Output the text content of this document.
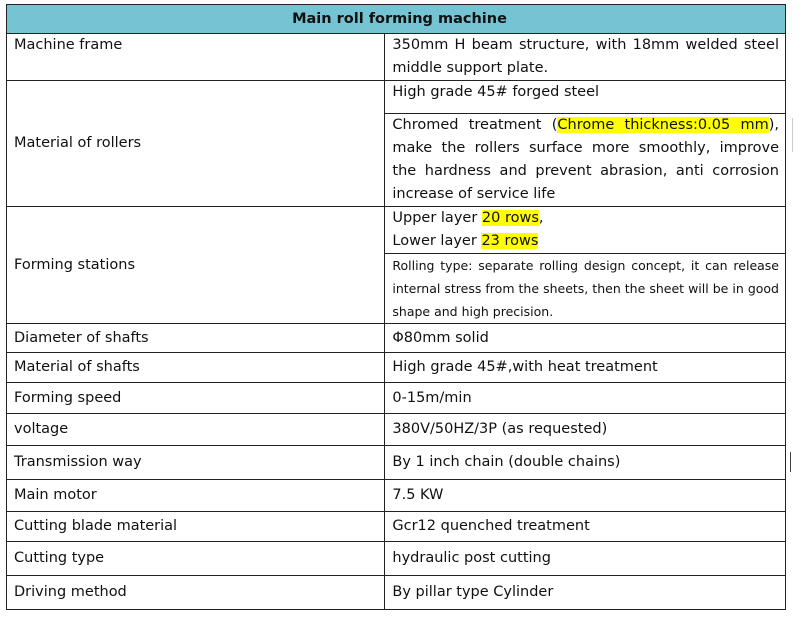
Main roll forming machine	
Machine frame	350mm H beam structure, with 18mm welded steel middle support plate.
Material of rollers	High grade 45# forged steel
	Chromed treatment (Chrome thickness:0.05 mm), make the rollers surface more smoothly, improve the hardness and prevent abrasion, anti corrosion increase of service life
Forming stations	Upper layer 20 rows,
Lower layer 23 rows

	Rolling type: separate rolling design concept, it can release internal stress from the sheets, then the sheet will be in good shape and high precision.
Diameter of shafts	Φ80mm solid
Material of shafts	High grade 45#,with heat treatment
Forming speed	0-15m/min
voltage	380V/50HZ/3P (as requested)
Transmission way	By 1 inch chain (double chains)
Main motor	7.5 KW
Cutting blade material	Gcr12 quenched treatment
Cutting type	hydraulic post cutting
Driving method	By pillar type Cylinder
